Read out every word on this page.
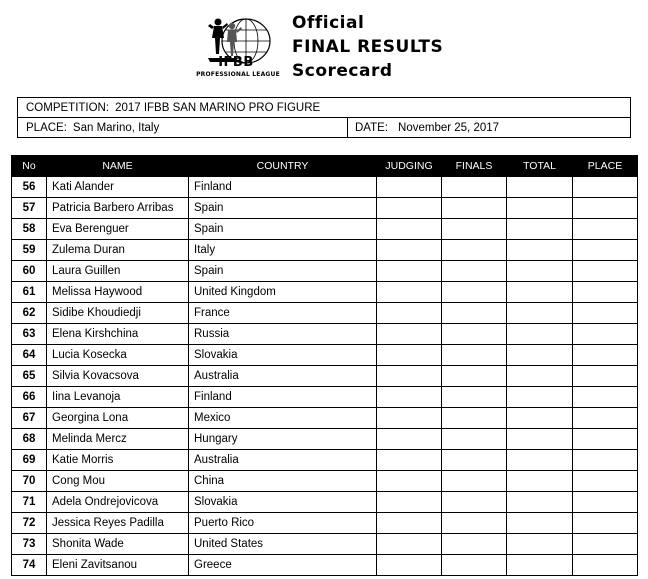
IFBB
PROFESSIONAL LEAGUE
Official
FINAL RESULTS
Scorecard
COMPETITION: 2017 IFBB SAN MARINO PRO FIGURE
PLACE: San Marino, Italy	DATE: November 25, 2017
No	NAME	COUNTRY	JUDGING	FINALS	TOTAL	PLACE
56	Kati Alander	Finland				
57	Patricia Barbero Arribas	Spain				
58	Eva Berenguer	Spain				
59	Zulema Duran	Italy				
60	Laura Guillen	Spain				
61	Melissa Haywood	United Kingdom				
62	Sidibe Khoudiedji	France				
63	Elena Kirshchina	Russia				
64	Lucia Kosecka	Slovakia				
65	Silvia Kovacsova	Australia				
66	Iina Levanoja	Finland				
67	Georgina Lona	Mexico				
68	Melinda Mercz	Hungary				
69	Katie Morris	Australia				
70	Cong Mou	China				
71	Adela Ondrejovicova	Slovakia				
72	Jessica Reyes Padilla	Puerto Rico				
73	Shonita Wade	United States				
74	Eleni Zavitsanou	Greece				
